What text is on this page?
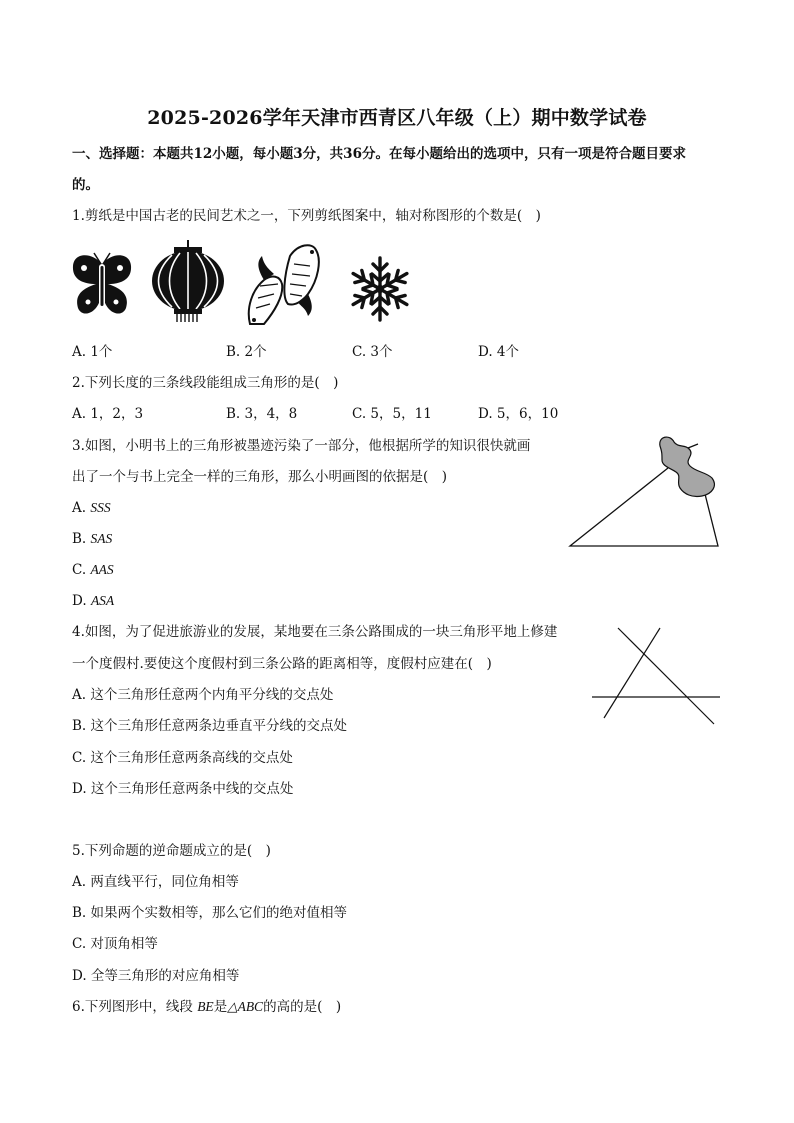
2025-2026学年天津市西青区八年级（上）期中数学试卷
一、选择题：本题共12小题，每小题3分，共36分。在每小题给出的选项中，只有一项是符合题目要求
的。
1.剪纸是中国古老的民间艺术之一，下列剪纸图案中，轴对称图形的个数是(　)
A. 1个	B. 2个	C. 3个	D. 4个
2.下列长度的三条线段能组成三角形的是(　)
A. 1，2，3	B. 3，4，8	C. 5，5，11	D. 5，6，10
3.如图，小明书上的三角形被墨迹污染了一部分，他根据所学的知识很快就画
出了一个与书上完全一样的三角形，那么小明画图的依据是(　)
A. SSS
B. SAS
C. AAS
D. ASA
4.如图，为了促进旅游业的发展，某地要在三条公路围成的一块三角形平地上修建
一个度假村.要使这个度假村到三条公路的距离相等，度假村应建在(　)
A. 这个三角形任意两个内角平分线的交点处
B. 这个三角形任意两条边垂直平分线的交点处
C. 这个三角形任意两条高线的交点处
D. 这个三角形任意两条中线的交点处
5.下列命题的逆命题成立的是(　)
A. 两直线平行，同位角相等
B. 如果两个实数相等，那么它们的绝对值相等
C. 对顶角相等
D. 全等三角形的对应角相等
6.下列图形中，线段 BE是△ABC的高的是(　)
